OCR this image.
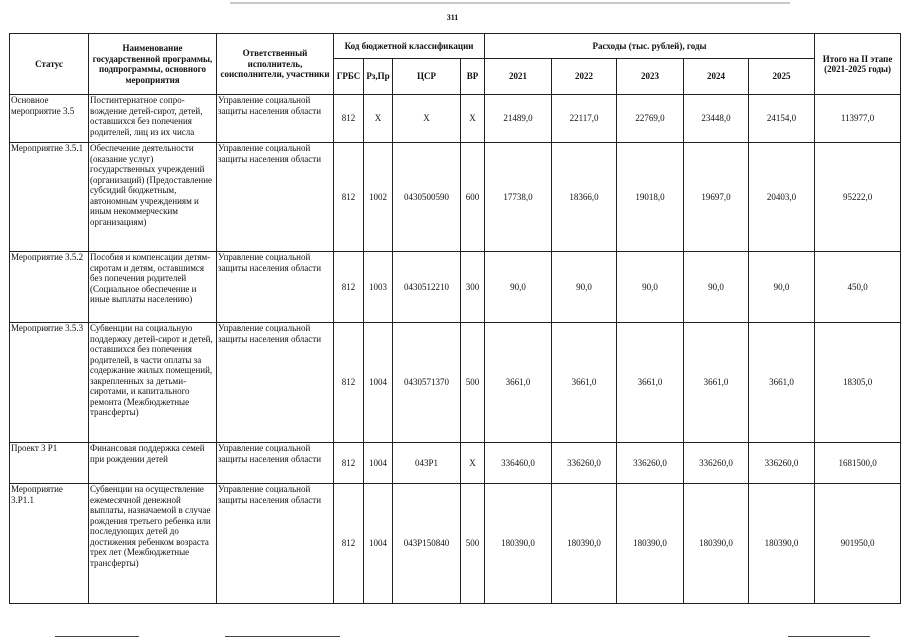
311
Статус	Наименование государственной программы, подпрограммы, основного мероприятия	Ответственный исполнитель, соисполнители, участники	Код бюджетной классификации				Расходы (тыс. рублей), годы					Итого на II этапе (2021-2025 годы)
			ГРБС	Рз,Пр	ЦСР	ВР	2021	2022	2023	2024	2025	
Основное мероприятие 3.5	Постинтернатное сопро-вождение детей-сирот, детей, оставшихся без попечения родителей, лиц из их числа	Управление социальной защиты населения области	812	X	X	X	21489,0	22117,0	22769,0	23448,0	24154,0	113977,0
Мероприятие 3.5.1	Обеспечение деятельности (оказание услуг) государственных учреждений (организаций) (Предоставление субсидий бюджетным, автономным учреждениям и иным некоммерческим организациям)	Управление социальной защиты населения области	812	1002	0430500590	600	17738,0	18366,0	19018,0	19697,0	20403,0	95222,0
Мероприятие 3.5.2	Пособия и компенсации детям-сиротам и детям, оставшимся без попечения родителей (Социальное обеспечение и иные выплаты населению)	Управление социальной защиты населения области	812	1003	0430512210	300	90,0	90,0	90,0	90,0	90,0	450,0
Мероприятие 3.5.3	Субвенции на социальную поддержку детей-сирот и детей, оставшихся без попечения родителей, в части оплаты за содержание жилых помещений, закрепленных за детьми-сиротами, и капитального ремонта (Межбюджетные трансферты)	Управление социальной защиты населения области	812	1004	0430571370	500	3661,0	3661,0	3661,0	3661,0	3661,0	18305,0
Проект 3 P1	Финансовая поддержка семей при рождении детей	Управление социальной защиты населения области	812	1004	043P1	X	336460,0	336260,0	336260,0	336260,0	336260,0	1681500,0
Мероприятие 3.P1.1	Субвенции на осуществление ежемесячной денежной выплаты, назначаемой в случае рождения третьего ребенка или последующих детей до достижения ребенком возраста трех лет (Межбюджетные трансферты)	Управление социальной защиты населения области	812	1004	043P150840	500	180390,0	180390,0	180390,0	180390,0	180390,0	901950,0
